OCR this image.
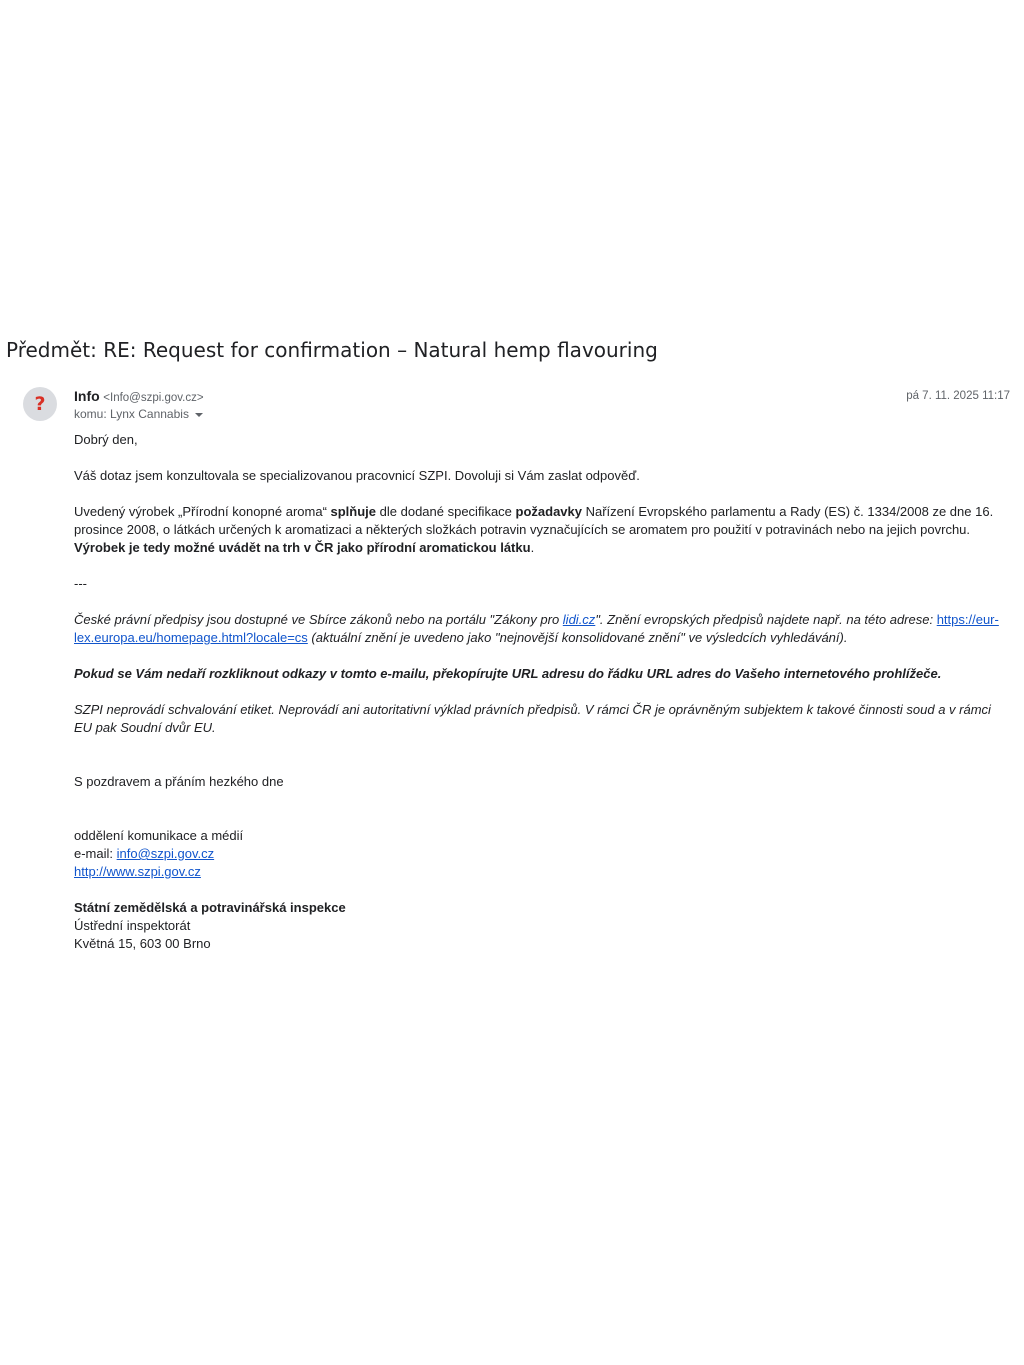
Předmět: RE: Request for confirmation – Natural hemp flavouring
? Info <Info@szpi.gov.cz>
komu: Lynx Cannabis
pá 7. 11. 2025 11:17

Dobrý den,

Váš dotaz jsem konzultovala se specializovanou pracovnicí SZPI. Dovoluji si Vám zaslat odpověď.

Uvedený výrobek „Přírodní konopné aroma“ splňuje dle dodané specifikace požadavky Nařízení Evropského parlamentu a Rady (ES) č. 1334/2008 ze dne 16. prosince 2008, o látkách určených k aromatizaci a některých složkách potravin vyznačujících se aromatem pro použití v potravinách nebo na jejich povrchu.
Výrobek je tedy možné uvádět na trh v ČR jako přírodní aromatickou látku.

---

České právní předpisy jsou dostupné ve Sbírce zákonů nebo na portálu "Zákony pro lidi.cz". Znění evropských předpisů najdete např. na této adrese: https://eur-lex.europa.eu/homepage.html?locale=cs (aktuální znění je uvedeno jako "nejnovější konsolidované znění" ve výsledcích vyhledávání).

Pokud se Vám nedaří rozkliknout odkazy v tomto e-mailu, překopírujte URL adresu do řádku URL adres do Vašeho internetového prohlížeče.

SZPI neprovádí schvalování etiket. Neprovádí ani autoritativní výklad právních předpisů. V rámci ČR je oprávněným subjektem k takové činnosti soud a v rámci EU pak Soudní dvůr EU.

S pozdravem a přáním hezkého dne

oddělení komunikace a médií

e-mail: info@szpi.gov.cz

http://www.szpi.gov.cz

Státní zemědělská a potravinářská inspekce

Ústřední inspektorát

Květná 15, 603 00 Brno
